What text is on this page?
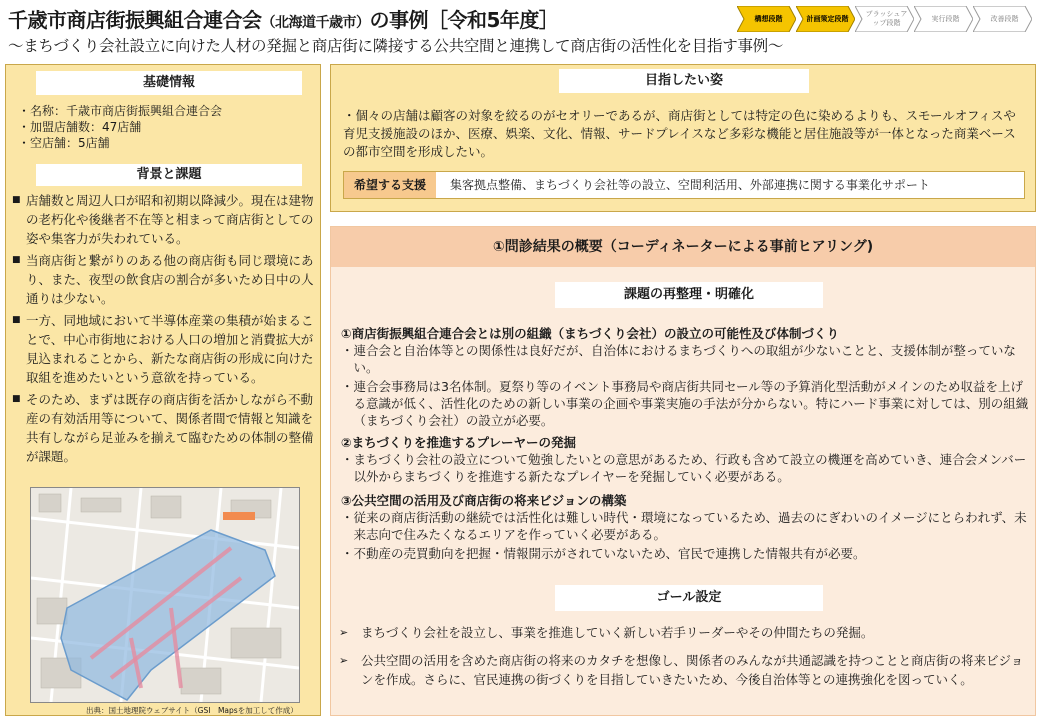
千歳市商店街振興組合連合会（北海道千歳市）の事例［令和5年度］
～まちづくり会社設立に向けた人材の発掘と商店街に隣接する公共空間と連携して商店街の活性化を目指す事例～
構想段階	計画策定段階
ブラッシュアップ段階
実行段階	改善段階
基礎情報
・名称：千歳市商店街振興組合連合会
・加盟店舗数：47店舗
・空店舗：5店舗
背景と課題
■ 店舗数と周辺人口が昭和初期以降減少。現在は建物の老朽化や後継者不在等と相まって商店街としての姿や集客力が失われている。
■ 当商店街と繋がりのある他の商店街も同じ環境にあり、また、夜型の飲食店の割合が多いため日中の人通りは少ない。
■ 一方、同地域において半導体産業の集積が始まることで、中心市街地における人口の増加と消費拡大が見込まれることから、新たな商店街の形成に向けた取組を進めたいという意欲を持っている。
■ そのため、まずは既存の商店街を活かしながら不動産の有効活用等について、関係者間で情報と知識を共有しながら足並みを揃えて臨むための体制の整備が課題。
出典：国土地理院ウェブサイト（GSI　Mapsを加工して作成）
目指したい姿
・個々の店舗は顧客の対象を絞るのがセオリーであるが、商店街としては特定の色に染めるよりも、スモールオフィスや育児支援施設のほか、医療、娯楽、文化、情報、サードプレイスなど多彩な機能と居住施設等が一体となった商業ベースの都市空間を形成したい。
希望する支援	集客拠点整備、まちづくり会社等の設立、空間利活用、外部連携に関する事業化サポート
①問診結果の概要（コーディネーターによる事前ヒアリング)
課題の再整理・明確化
①商店街振興組合連合会とは別の組織（まちづくり会社）の設立の可能性及び体制づくり
・ 連合会と自治体等との関係性は良好だが、自治体におけるまちづくりへの取組が少ないことと、支援体制が整っていない。
・ 連合会事務局は3名体制。夏祭り等のイベント事務局や商店街共同セール等の予算消化型活動がメインのため収益を上げる意識が低く、活性化のための新しい事業の企画や事業実施の手法が分からない。特にハード事業に対しては、別の組織（まちづくり会社）の設立が必要。
②まちづくりを推進するプレーヤーの発掘
・ まちづくり会社の設立について勉強したいとの意思があるため、行政も含めて設立の機運を高めていき、連合会メンバー以外からまちづくりを推進する新たなプレイヤーを発掘していく必要がある。
③公共空間の活用及び商店街の将来ビジョンの構築
・ 従来の商店街活動の継続では活性化は難しい時代・環境になっているため、過去のにぎわいのイメージにとらわれず、未来志向で住みたくなるエリアを作っていく必要がある。
・ 不動産の売買動向を把握・情報開示がされていないため、官民で連携した情報共有が必要。
ゴール設定
➢	まちづくり会社を設立し、事業を推進していく新しい若手リーダーやその仲間たちの発掘。
➢	公共空間の活用を含めた商店街の将来のカタチを想像し、関係者のみんなが共通認識を持つことと商店街の将来ビジョンを作成。さらに、官民連携の街づくりを目指していきたいため、今後自治体等との連携強化を図っていく。
